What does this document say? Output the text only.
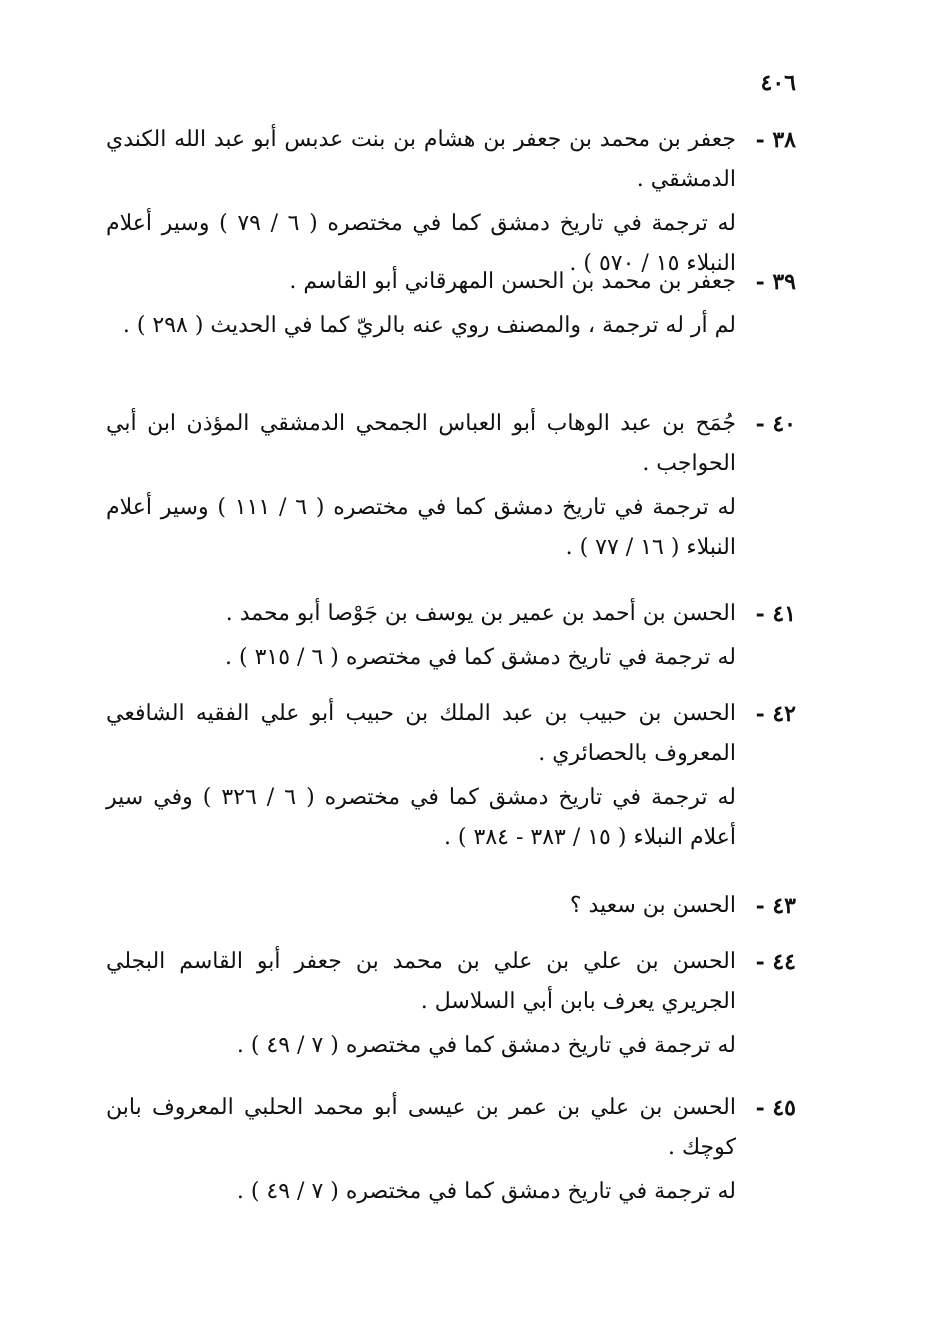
٤٠٦
٣٨ -
جعفر بن محمد بن جعفر بن هشام بن بنت عدبس أبو عبد الله الكندي الدمشقي .
له ترجمة في تاريخ دمشق كما في مختصره ( ٦ / ٧٩ ) وسير أعلام النبلاء ١٥ / ٥٧٠ ) .
٣٩ -
جعفر بن محمد بن الحسن المهرقاني أبو القاسم .
لم أر له ترجمة ، والمصنف روي عنه بالريّ كما في الحديث ( ٢٩٨ ) .
٤٠ -
جُمَح بن عبد الوهاب أبو العباس الجمحي الدمشقي المؤذن ابن أبي الحواجب .
له ترجمة في تاريخ دمشق كما في مختصره ( ٦ / ١١١ ) وسير أعلام النبلاء ( ١٦ / ٧٧ ) .
٤١ -
الحسن بن أحمد بن عمير بن يوسف بن جَوْصا أبو محمد .
له ترجمة في تاريخ دمشق كما في مختصره ( ٦ / ٣١٥ ) .
٤٢ -
الحسن بن حبيب بن عبد الملك بن حبيب أبو علي الفقيه الشافعي المعروف بالحصائري .
له ترجمة في تاريخ دمشق كما في مختصره ( ٦ / ٣٢٦ ) وفي سير أعلام النبلاء ( ١٥ / ٣٨٣ - ٣٨٤ ) .
٤٣ -
الحسن بن سعيد ؟
٤٤ -
الحسن بن علي بن علي بن محمد بن جعفر أبو القاسم البجلي الجريري يعرف بابن أبي السلاسل .
له ترجمة في تاريخ دمشق كما في مختصره ( ٧ / ٤٩ ) .
٤٥ -
الحسن بن علي بن عمر بن عيسى أبو محمد الحلبي المعروف بابن كوچك .
له ترجمة في تاريخ دمشق كما في مختصره ( ٧ / ٤٩ ) .
